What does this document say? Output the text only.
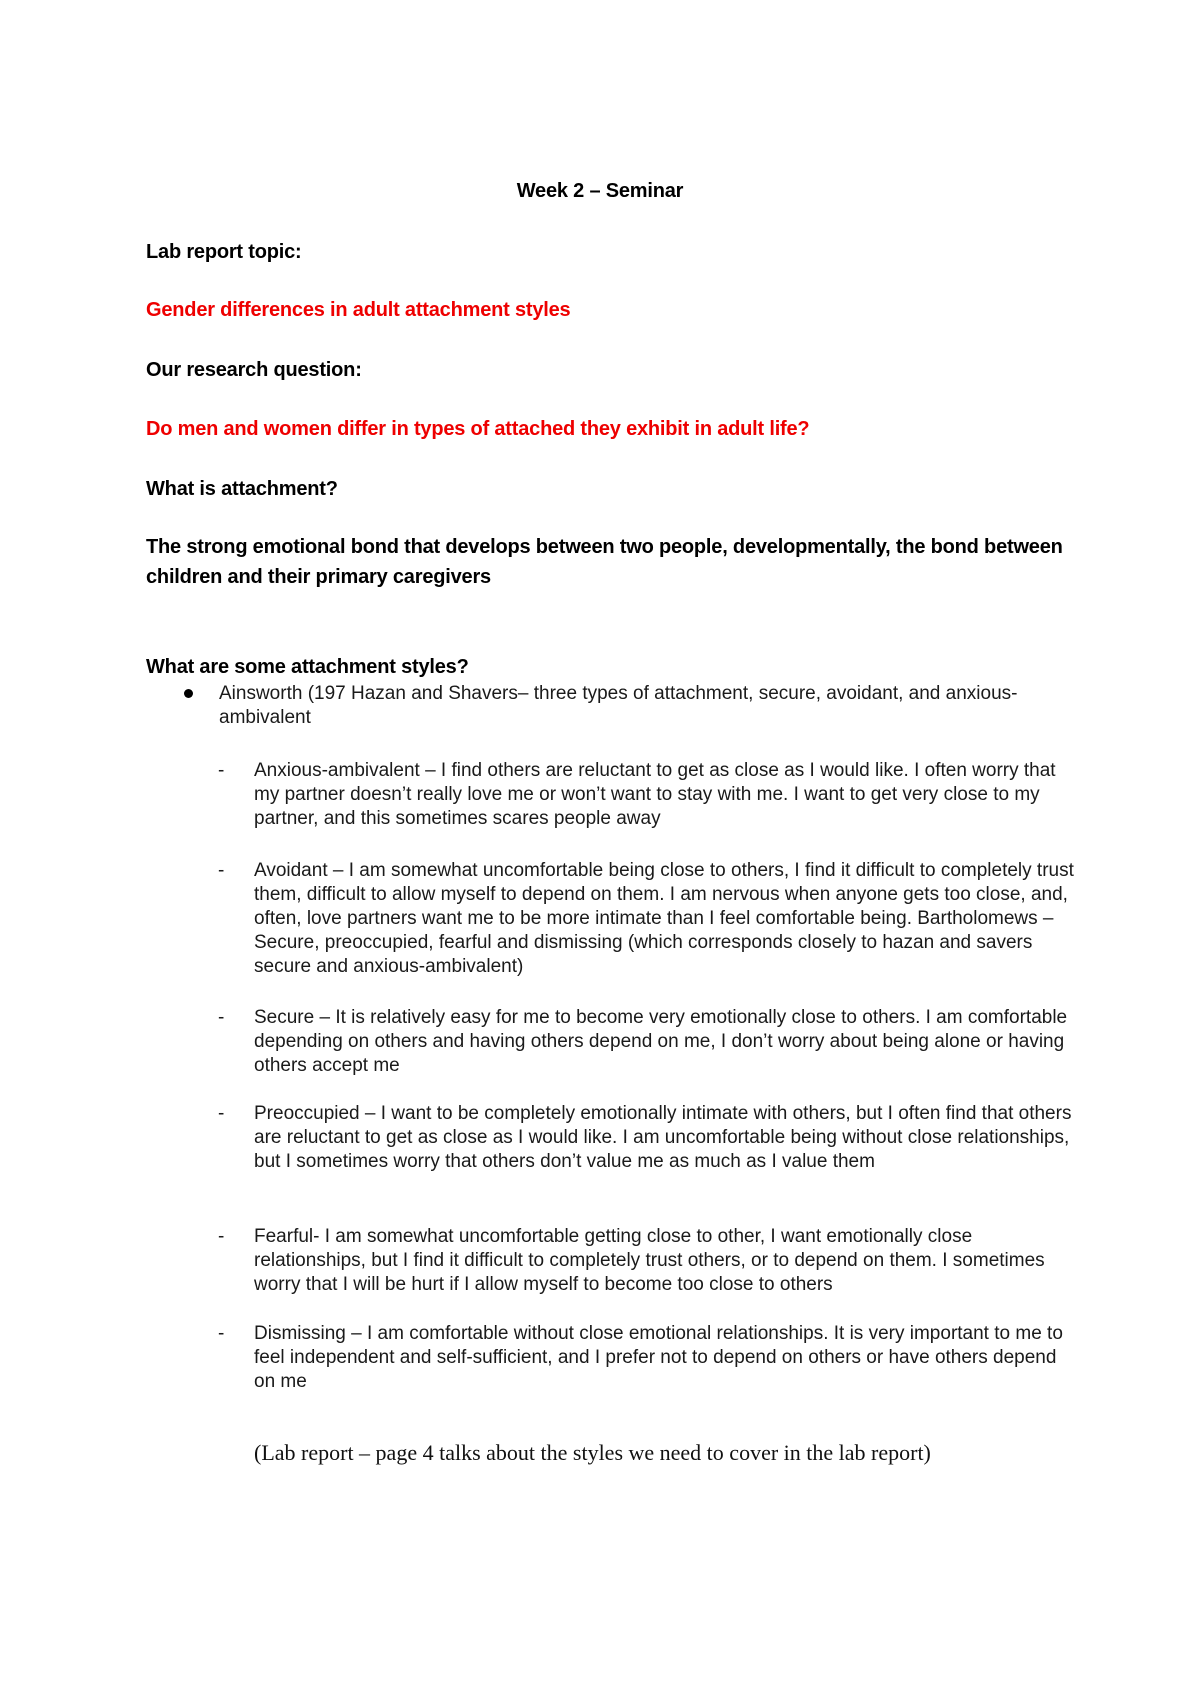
Week 2 – Seminar

Lab report topic:

Gender differences in adult attachment styles

Our research question:

Do men and women differ in types of attached they exhibit in adult life?

What is attachment?

The strong emotional bond that develops between two people, developmentally, the bond between children and their primary caregivers

What are some attachment styles?

Ainsworth (197 Hazan and Shavers– three types of attachment, secure, avoidant, and anxious-ambivalent

-	Anxious-ambivalent – I find others are reluctant to get as close as I would like. I often worry that my partner doesn’t really love me or won’t want to stay with me. I want to get very close to my partner, and this sometimes scares people away

-	Avoidant – I am somewhat uncomfortable being close to others, I find it difficult to completely trust them, difficult to allow myself to depend on them. I am nervous when anyone gets too close, and, often, love partners want me to be more intimate than I feel comfortable being. Bartholomews – Secure, preoccupied, fearful and dismissing (which corresponds closely to hazan and savers secure and anxious-ambivalent)

-	Secure – It is relatively easy for me to become very emotionally close to others. I am comfortable depending on others and having others depend on me, I don’t worry about being alone or having others accept me

-	Preoccupied – I want to be completely emotionally intimate with others, but I often find that others are reluctant to get as close as I would like. I am uncomfortable being without close relationships, but I sometimes worry that others don’t value me as much as I value them

-	Fearful- I am somewhat uncomfortable getting close to other, I want emotionally close relationships, but I find it difficult to completely trust others, or to depend on them. I sometimes worry that I will be hurt if I allow myself to become too close to others

-	Dismissing – I am comfortable without close emotional relationships. It is very important to me to feel independent and self-sufficient, and I prefer not to depend on others or have others depend on me

(Lab report – page 4 talks about the styles we need to cover in the lab report)
